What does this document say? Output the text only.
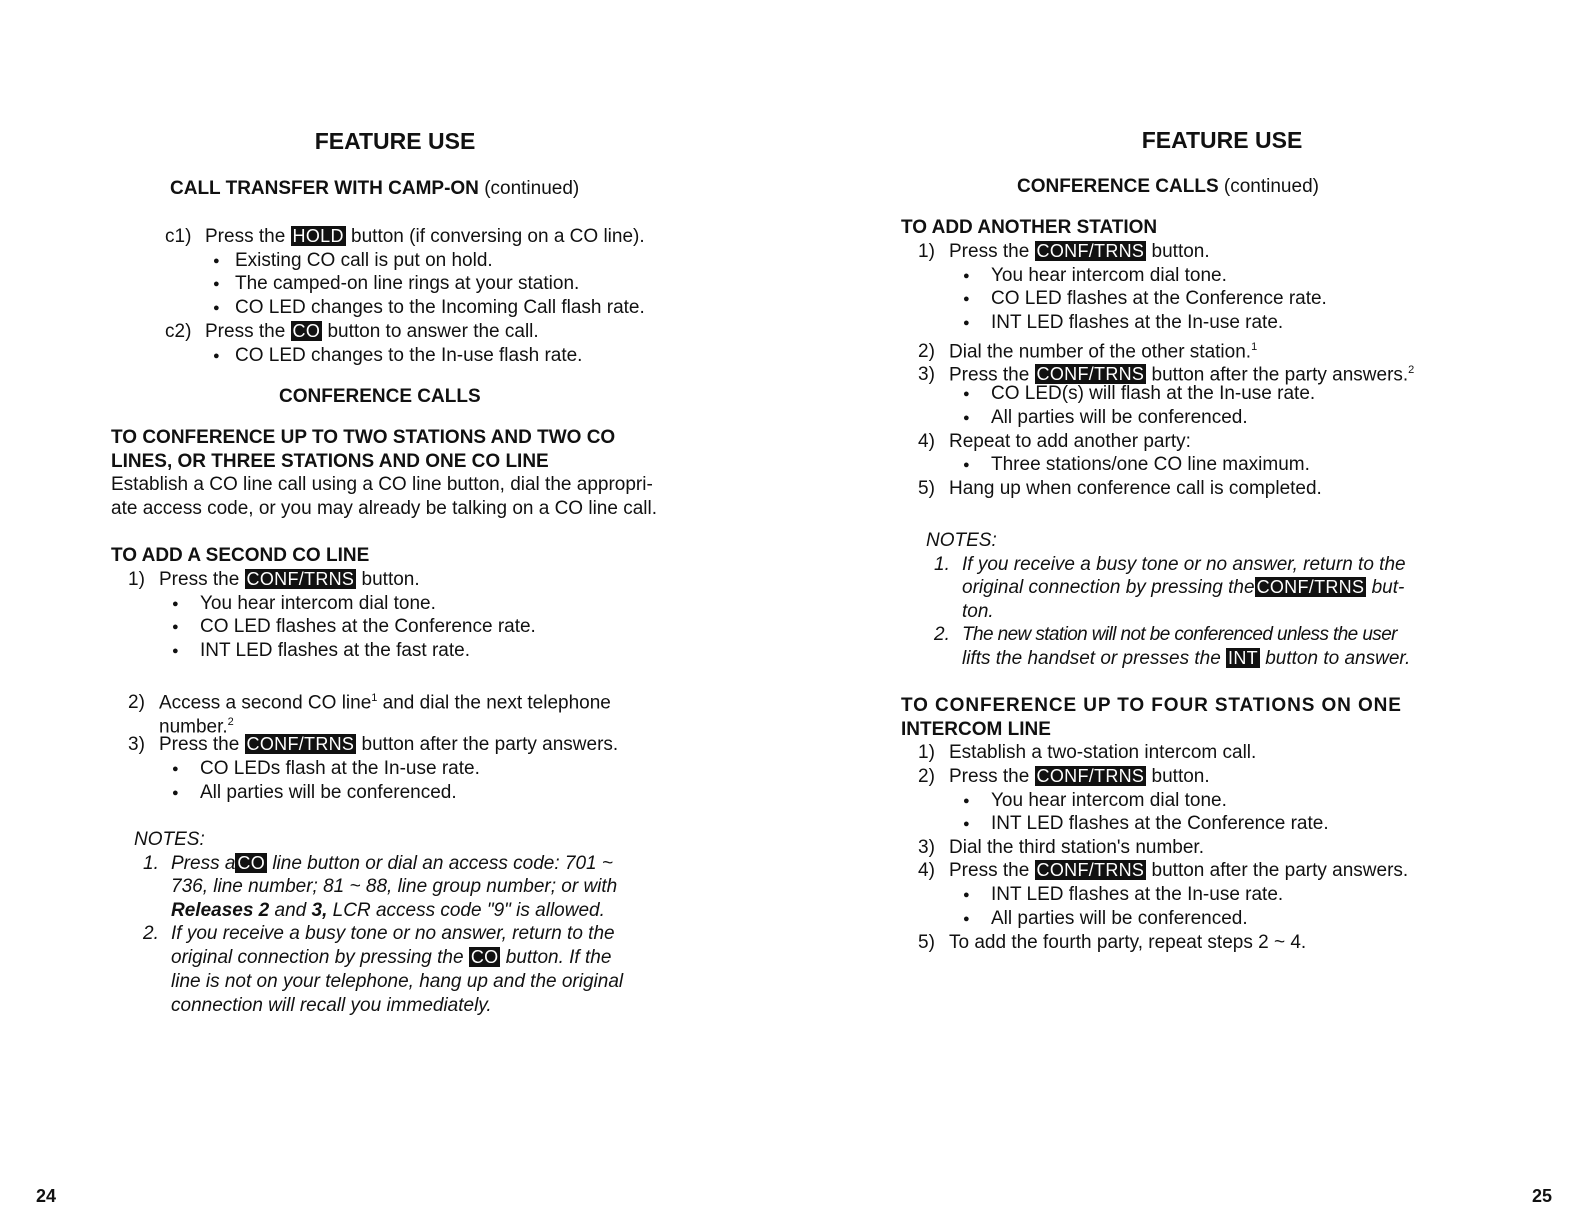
FEATURE USE
CALL TRANSFER WITH CAMP-ON (continued)
c1) Press the HOLD button (if conversing on a CO line).
●Existing CO call is put on hold.
●The camped-on line rings at your station.
●CO LED changes to the Incoming Call flash rate.
c2) Press the CO button to answer the call.
●CO LED changes to the In-use flash rate.
CONFERENCE CALLS
TO CONFERENCE UP TO TWO STATIONS AND TWO CO
LINES, OR THREE STATIONS AND ONE CO LINE
Establish a CO line call using a CO line button, dial the appropri-
ate access code, or you may already be talking on a CO line call.
TO ADD A SECOND CO LINE
1) Press the CONF/TRNS button.
●You hear intercom dial tone.
●CO LED flashes at the Conference rate.
●INT LED flashes at the fast rate.
2) Access a second CO line$^1$ and dial the next telephone
number.$^2$
3) Press the CONF/TRNS button after the party answers.
●CO LEDs flash at the In-use rate.
●All parties will be conferenced.
NOTES:
1. Press a CO line button or dial an access code: 701 ~
736, line number; 81 ~ 88, line group number; or with
Releases 2 and 3, LCR access code "9" is allowed.
2. If you receive a busy tone or no answer, return to the
original connection by pressing the CO button. If the
line is not on your telephone, hang up and the original
connection will recall you immediately.
24
FEATURE USE
CONFERENCE CALLS (continued)
TO ADD ANOTHER STATION
1) Press the CONF/TRNS button.
●You hear intercom dial tone.
●CO LED flashes at the Conference rate.
●INT LED flashes at the In-use rate.
2) Dial the number of the other station.$^1$
3) Press the CONF/TRNS button after the party answers.$^2$
●CO LED(s) will flash at the In-use rate.
●All parties will be conferenced.
4) Repeat to add another party:
●Three stations/one CO line maximum.
5) Hang up when conference call is completed.
NOTES:
1. If you receive a busy tone or no answer, return to the
original connection by pressing the CONF/TRNS but-
ton.
2. The new station will not be conferenced unless the user
lifts the handset or presses the INT button to answer.
TO CONFERENCE UP TO FOUR STATIONS ON ONE
INTERCOM LINE
1) Establish a two-station intercom call.
2) Press the CONF/TRNS button.
●You hear intercom dial tone.
●INT LED flashes at the Conference rate.
3) Dial the third station's number.
4) Press the CONF/TRNS button after the party answers.
●INT LED flashes at the In-use rate.
●All parties will be conferenced.
5) To add the fourth party, repeat steps 2 ~ 4.
25
